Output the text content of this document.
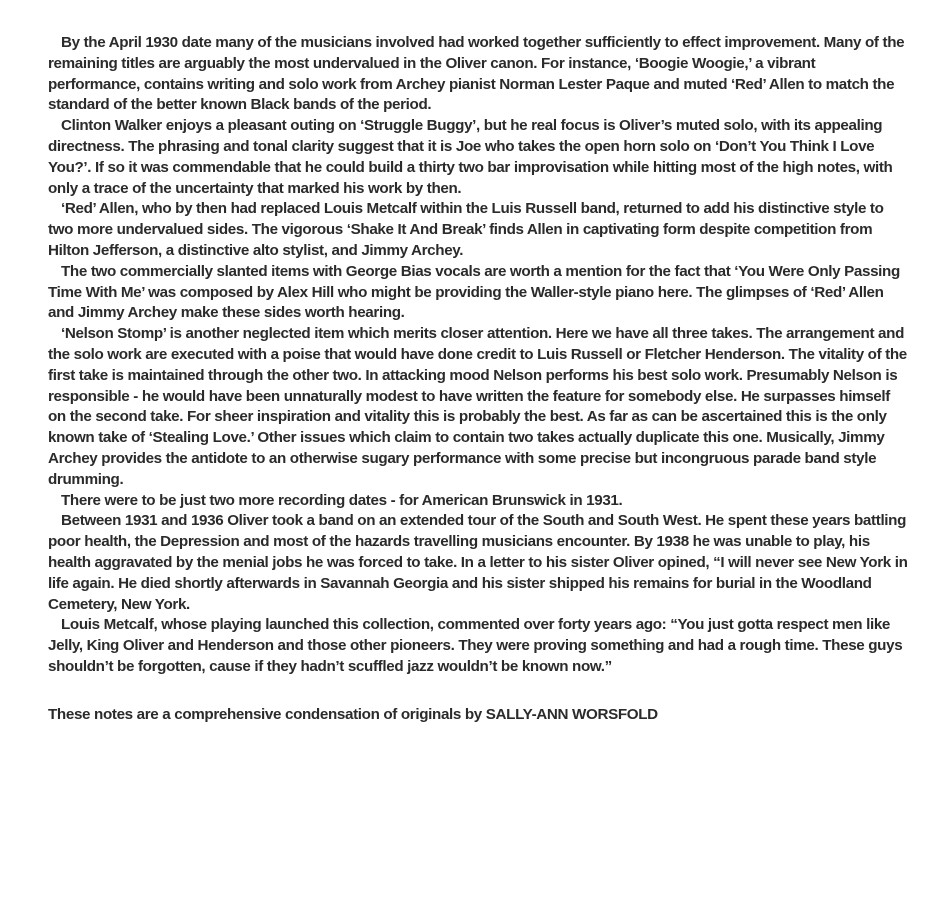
By the April 1930 date many of the musicians involved had worked together sufficiently to effect improvement. Many of the remaining titles are arguably the most undervalued in the Oliver canon. For instance, ‘Boogie Woogie,’ a vibrant performance, contains writing and solo work from Archey pianist Norman Lester Paque and muted ‘Red’ Allen to match the standard of the better known Black bands of the period.

Clinton Walker enjoys a pleasant outing on ‘Struggle Buggy’, but he real focus is Oliver’s muted solo, with its appealing directness. The phrasing and tonal clarity suggest that it is Joe who takes the open horn solo on ‘Don’t You Think I Love You?’. If so it was commendable that he could build a thirty two bar improvisation while hitting most of the high notes, with only a trace of the uncertainty that marked his work by then.

‘Red’ Allen, who by then had replaced Louis Metcalf within the Luis Russell band, returned to add his distinctive style to two more undervalued sides. The vigorous ‘Shake It And Break’ finds Allen in captivating form despite competition from Hilton Jefferson, a distinctive alto stylist, and Jimmy Archey.

The two commercially slanted items with George Bias vocals are worth a mention for the fact that ‘You Were Only Passing Time With Me’ was composed by Alex Hill who might be providing the Waller-style piano here. The glimpses of ‘Red’ Allen and Jimmy Archey make these sides worth hearing.

‘Nelson Stomp’ is another neglected item which merits closer attention. Here we have all three takes. The arrangement and the solo work are executed with a poise that would have done credit to Luis Russell or Fletcher Henderson. The vitality of the first take is maintained through the other two. In attacking mood Nelson performs his best solo work. Presumably Nelson is responsible - he would have been unnaturally modest to have written the feature for somebody else. He surpasses himself on the second take. For sheer inspiration and vitality this is probably the best. As far as can be ascertained this is the only known take of ‘Stealing Love.’ Other issues which claim to contain two takes actually duplicate this one. Musically, Jimmy Archey provides the antidote to an otherwise sugary performance with some precise but incongruous parade band style drumming.

There were to be just two more recording dates - for American Brunswick in 1931.

Between 1931 and 1936 Oliver took a band on an extended tour of the South and South West. He spent these years battling poor health, the Depression and most of the hazards travelling musicians encounter. By 1938 he was unable to play, his health aggravated by the menial jobs he was forced to take. In a letter to his sister Oliver opined, “I will never see New York in life again. He died shortly afterwards in Savannah Georgia and his sister shipped his remains for burial in the Woodland Cemetery, New York.

Louis Metcalf, whose playing launched this collection, commented over forty years ago: “You just gotta respect men like Jelly, King Oliver and Henderson and those other pioneers. They were proving something and had a rough time. These guys shouldn’t be forgotten, cause if they hadn’t scuffled jazz wouldn’t be known now.”

These notes are a comprehensive condensation of originals by SALLY-ANN WORSFOLD
